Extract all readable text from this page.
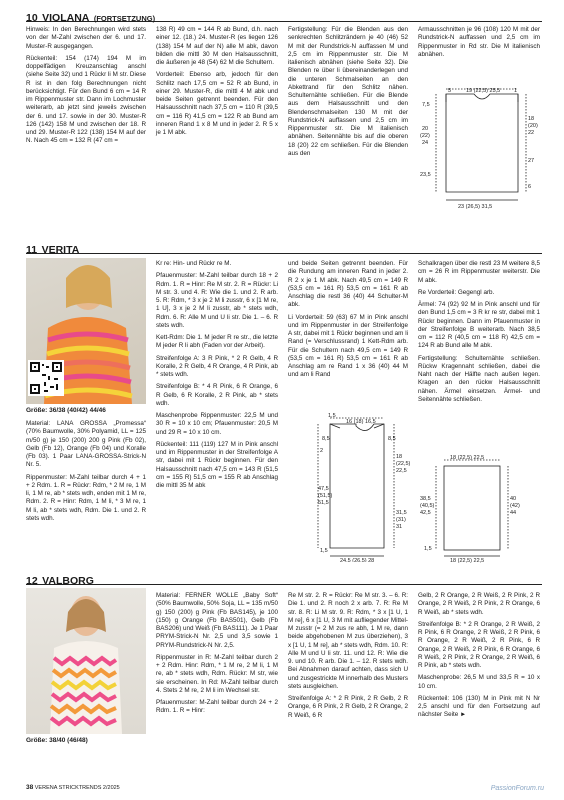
10 VIOLANA (FORTSETZUNG)

Hinweis: In den Berechnungen wird stets von der M-Zahl zwischen der 6. und 17. Muster-R ausgegangen.

Rückenteil: 154 (174) 194 M im doppelfädigen Kreuzanschlag anschl (siehe Seite 32) und 1 Rückr li M str. Diese R ist in den folg Berechnungen nicht berücksichtigt. Für den Bund 6 cm = 14 R im Rippenmuster str. Dann im Lochmuster weiterarb, ab jetzt sind jeweils zwischen der 6. und 17. sowie in der 30. Muster-R 126 (142) 158 M und zwischen der 18. R und 29. Muster-R 122 (138) 154 M auf der N. Nach 45 cm = 132 R (47 cm =

138 R) 49 cm = 144 R ab Bund, d.h. nach einer 12. (18.) 24. Muster-R (es liegen 126 (138) 154 M auf der N) alle M abk, davon bilden die mittl 30 M den Halsausschnitt, die äußeren je 48 (54) 62 M die Schultern.

Vorderteil: Ebenso arb, jedoch für den Schlitz nach 17,5 cm = 52 R ab Bund, in einer 29. Muster-R, die mittl 4 M abk und beide Seiten getrennt beenden. Für den Halsausschnitt nach 37,5 cm = 110 R (39,5 cm = 116 R) 41,5 cm = 122 R ab Bund am inneren Rand 1 x 8 M und in jeder 2. R 5 x je 1 M abk.

Fertigstellung: Für die Blenden aus den senkrechten Schlitzrändern je 40 (46) 52 M mit der Rundstrick-N auffassen M und 2,5 cm im Rippenmuster str. Die M italienisch abnähen (siehe Seite 32). Die Blenden re über li übereinanderlegen und die unteren Schmalseiten an den Abkettrand für den Schlitz nähen. Schulternähte schließen. Für die Blende aus dem Halsausschnitt und den Blendenschmalseiten 130 M mit der Rundstrick-N auffassen und 2,5 cm im Rippenmuster str. Die M italienisch abnähen. Seitennähte bis auf die oberen 18 (20) 22 cm schließen. Für die Blenden aus den

Armausschnitten je 96 (108) 120 M mit der Rundstrick-N auffassen und 2,5 cm im Rippenmuster in Rd str. Die M italienisch abnähen.

7,5
5	19 (22,5) 25,5	1
18
(20)
22
20
(22)
24
27
23,5
6
23 (26,5) 31,5
11 VERITA
Größe: 36/38 (40/42) 44/46

Material: LANA GROSSA „Promessa“ (70% Baumwolle, 30% Polyamid, LL = 125 m/50 g) je 150 (200) 200 g Pink (Fb 02), Gelb (Fb 12), Orange (Fb 04) und Koralle (Fb 03). 1 Paar LANA-GROSSA-Strick-N Nr. 5.

Rippenmuster: M-Zahl teilbar durch 4 + 1 + 2 Rdm. 1. R = Rückr: Rdm, * 2 M re, 1 M li, 1 M re, ab * stets wdh, enden mit 1 M re, Rdm. 2. R = Hinr: Rdm, 1 M li, * 3 M re, 1 M li, ab * stets wdh, Rdm. Die 1. und 2. R stets wdh.

Kr re: Hin- und Rückr re M.

Pfauenmuster: M-Zahl teilbar durch 18 + 2 Rdm. 1. R = Hinr: Re M str. 2. R = Rückr: Li M str. 3. und 4. R: Wie die 1. und 2. R arb. 5. R: Rdm, * 3 x je 2 M li zusstr, 6 x [1 M re, 1 U], 3 x je 2 M li zusstr, ab * stets wdh, Rdm. 6. R: Alle M und U li str. Die 1. – 6. R stets wdh.

Kett-Rdm: Die 1. M jeder R re str., die letzte M jeder R li abh (Faden vor der Arbeit).

Streifenfolge A: 3 R Pink, * 2 R Gelb, 4 R Koralle, 2 R Gelb, 4 R Orange, 4 R Pink, ab * stets wdh.

Streifenfolge B: * 4 R Pink, 6 R Orange, 6 R Gelb, 6 R Koralle, 2 R Pink, ab * stets wdh.

Maschenprobe Rippenmuster: 22,5 M und 30 R = 10 x 10 cm; Pfauenmuster: 20,5 M und 29 R = 10 x 10 cm.

Rückenteil: 111 (119) 127 M in Pink anschl und im Rippenmuster in der Streifenfolge A str, dabei mit 1 Rückr beginnen. Für den Halsausschnitt nach 47,5 cm = 143 R (51,5 cm = 155 R) 51,5 cm = 155 R ab Anschlag die mittl 35 M abk

und beide Seiten getrennt beenden. Für die Rundung am inneren Rand in jeder 2. R 2 x je 1 M abk. Nach 49,5 cm = 149 R (53,5 cm = 161 R) 53,5 cm = 161 R ab Anschlag die restl 36 (40) 44 Schulter-M abk.

Li Vorderteil: 59 (63) 67 M in Pink anschl und im Rippenmuster in der Streifenfolge A str, dabei mit 1 Rückr beginnen und am li Rand (= Verschlussrand) 1 Kett-Rdm arb. Für die Schultern nach 49,5 cm = 149 R (53,5 cm = 161 R) 53,5 cm = 161 R ab Anschlag am re Rand 1 x 36 (40) 44 M und am li Rand

Schalkragen über die restl 23 M weitere 8,5 cm = 26 R im Rippenmuster weiterstr. Die M abk.

Re Vorderteil: Gegengl arb.

Ärmel: 74 (92) 92 M in Pink anschl und für den Bund 1,5 cm = 3 R kr re str, dabei mit 1 Rückr beginnen. Dann im Pfauenmuster in der Streifenfolge B weiterarb. Nach 38,5 cm = 112 R (40,5 cm = 118 R) 42,5 cm = 124 R ab Bund alle M abk.

Fertigstellung: Schulternähte schließen. Rückw Kragennaht schließen, dabei die Naht nach der Hälfte nach außen legen. Kragen an den rückw Halsausschnitt nähen. Ärmel einsetzen. Ärmel- und Seitennähte schließen.

1,5
8,5
16 (18) 16,5
8,5
18
(22,5)
22,5
2
47,5
(51,5)
51,5
31,5
(31)
31
1,5
24,5 (26,5) 28
18 (22,5) 22,5
38,5
(40,5)
42,5
40
(42)
44
1,5
18 (22,5) 22,5
12 VALBORG
Größe: 38/40 (46/48)

Material: FERNER WOLLE „Baby Soft“ (50% Baumwolle, 50% Soja, LL = 135 m/50 g) 150 (200) g Pink (Fb BAS145), je 100 (150) g Orange (Fb BAS501), Gelb (Fb BAS206) und Weiß (Fb BAS111). Je 1 Paar PRYM-Strick-N Nr. 2,5 und 3,5 sowie 1 PRYM-Rundstrick-N Nr. 2,5.

Rippenmuster in R: M-Zahl teilbar durch 2 + 2 Rdm. Hinr: Rdm, * 1 M re, 2 M li, 1 M re, ab * stets wdh, Rdm. Rückr: M str, wie sie erscheinen. In Rd: M-Zahl teilbar durch 4. Stets 2 M re, 2 M li im Wechsel str.

Pfauenmuster: M-Zahl teilbar durch 24 + 2 Rdm. 1. R = Hinr:

Re M str. 2. R = Rückr: Re M str. 3. – 6. R: Die 1. und 2. R noch 2 x arb. 7. R: Re M str. 8. R: Li M str. 9. R: Rdm, * 3 x [1 U, 1 M re], 6 x [1 U, 3 M mit aufliegender Mittel-M zusstr (= 2 M zus re abh, 1 M re, dann beide abgehobenen M zus überziehen), 3 x [1 U, 1 M re], ab * stets wdh, Rdm. 10. R: Alle M und U li str. 11. und 12. R: Wie die 9. und 10. R arb. Die 1. – 12. R stets wdh. Bei Abnahmen darauf achten, dass sich U und zusgestrickte M innerhalb des Musters stets ausgleichen.

Streifenfolge A: * 2 R Pink, 2 R Gelb, 2 R Orange, 6 R Pink, 2 R Gelb, 2 R Orange, 2 R Weiß, 6 R

Gelb, 2 R Orange, 2 R Weiß, 2 R Pink, 2 R Orange, 2 R Weiß, 2 R Pink, 2 R Orange, 6 R Weiß, ab * stets wdh.

Streifenfolge B: * 2 R Orange, 2 R Weiß, 2 R Pink, 6 R Orange, 2 R Weiß, 2 R Pink, 6 R Orange, 2 R Weiß, 2 R Pink, 6 R Orange, 2 R Weiß, 2 R Pink, 6 R Orange, 6 R Weiß, 2 R Pink, 2 R Orange, 2 R Weiß, 6 R Pink, ab * stets wdh.

Maschenprobe: 26,5 M und 33,5 R = 10 x 10 cm.

Rückenteil: 106 (130) M in Pink mit N Nr 2,5 anschl und für den Fortsetzung auf nächster Seite ►

38 VERENA STRICKTRENDS 2/2025	PassionForum.ru
